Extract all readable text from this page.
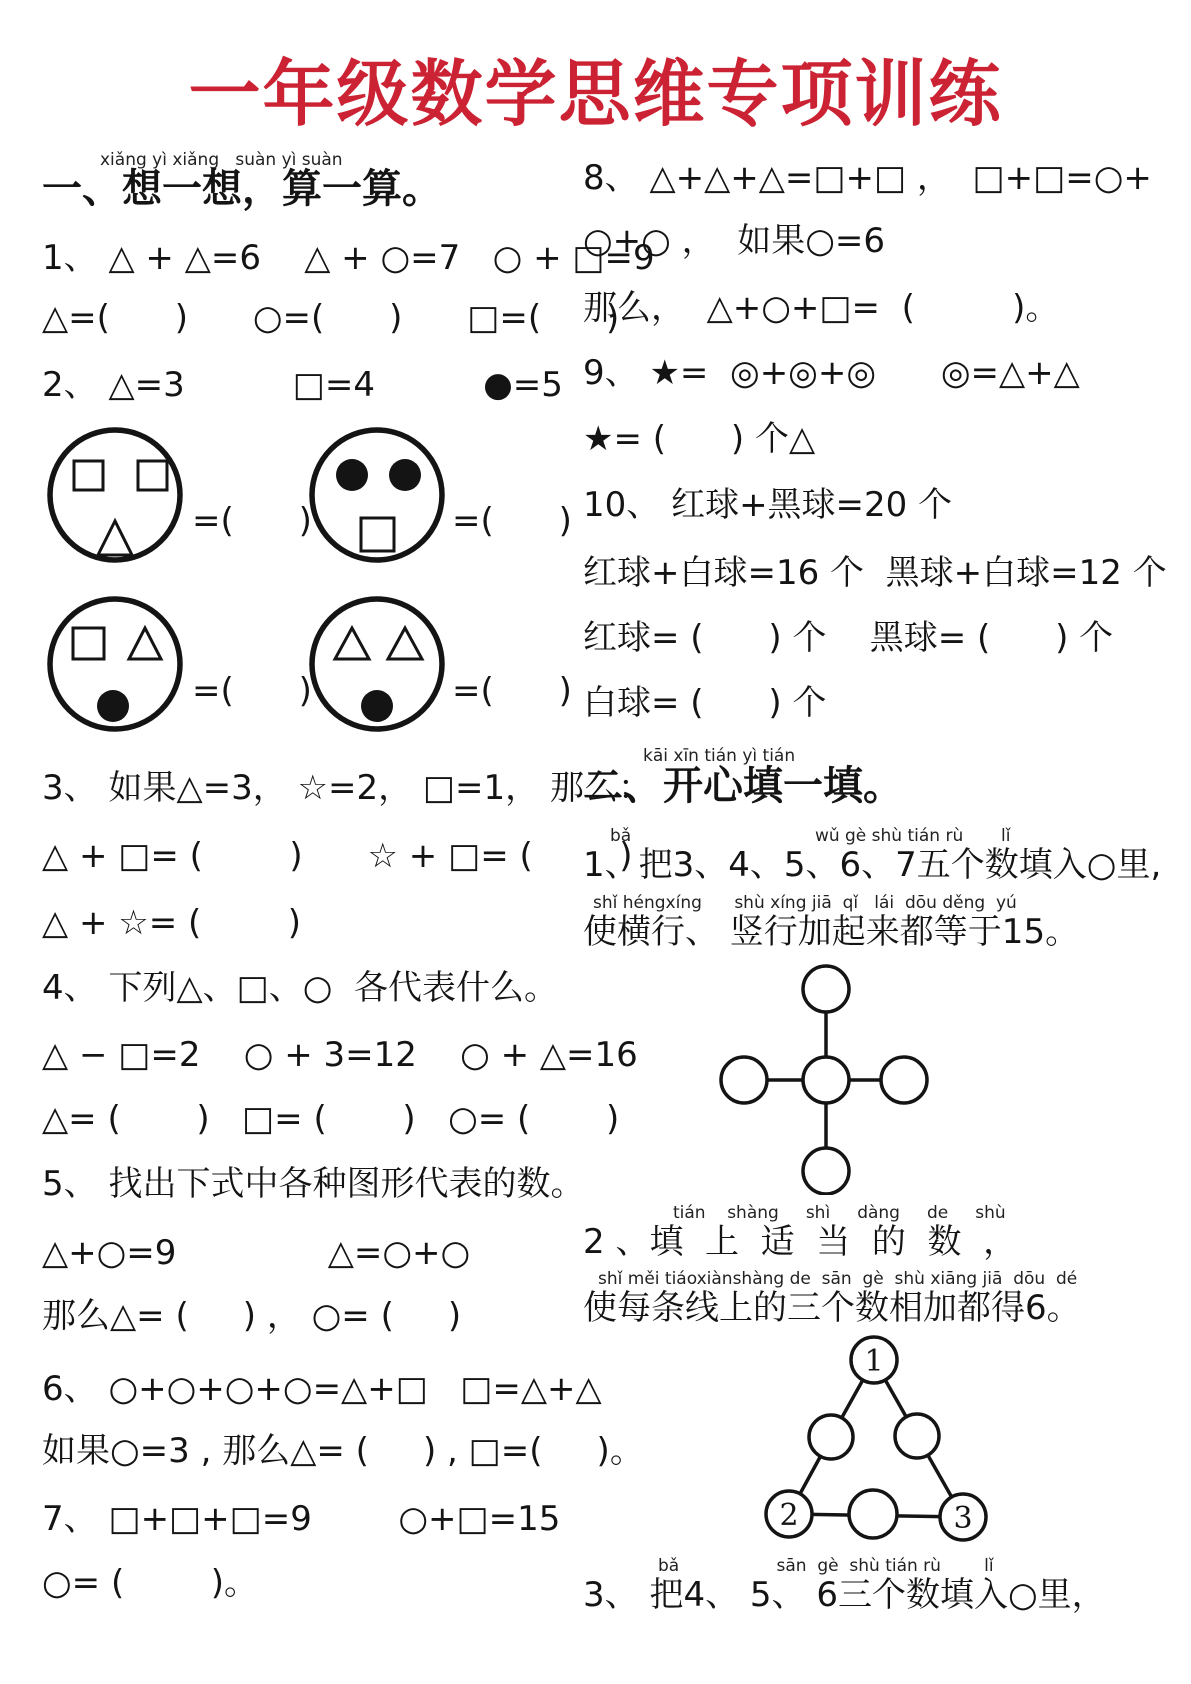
一年级数学思维专项训练
xiǎng yì xiǎng   suàn yì suàn
一、想一想，算一算。
1、 △ + △=6    △ + ○=7   ○ + □=9
△=(      )      ○=(      )      □=(      )
2、 △=3          □=4          ●=5
=(      )	=(      )
=(      )	=(      )
3、 如果△=3， ☆=2， □=1， 那么：
△ + □= (        )      ☆ + □= (        )
△ + ☆= (        )
4、 下列△、□、○  各代表什么。
△ − □=2    ○ + 3=12    ○ + △=16
△= (       )   □= (       )   ○= (       )
5、 找出下式中各种图形代表的数。
△+○=9              △=○+○
那么△= (     ) ， ○= (     )
6、 ○+○+○+○=△+□   □=△+△
如果○=3 , 那么△= (     ) , □=(     )。
7、 □+□+□=9        ○+□=15
○= (        )。
8、 △+△+△=□+□ ，  □+□=○+
○+○ ，  如果○=6
那么，  △+○+□=  (         )。
9、 ★=  ◎+◎+◎      ◎=△+△
★= (      ) 个△
10、 红球+黑球=20 个
红球+白球=16 个  黑球+白球=12 个
红球= (      ) 个    黑球= (      ) 个
白球= (      ) 个
kāi xīn tián yì tián
二、开心填一填。
bǎ                                  wǔ gè shù tián rù       lǐ
1、把3、4、5、6、7五个数填入○里,
shǐ héngxíng      shù xíng jiā  qǐ   lái  dōu děng  yú
使横行、 竖行加起来都等于15。
tián    shàng     shì     dàng     de     shù
2 、填  上  适  当  的  数  ，
shǐ měi tiáoxiànshàng de  sān  gè  shù xiāng jiā  dōu  dé
使每条线上的三个数相加都得6。
1
2	3
bǎ                  sān  gè  shù tián rù        lǐ
3、 把4、 5、 6三个数填入○里，
